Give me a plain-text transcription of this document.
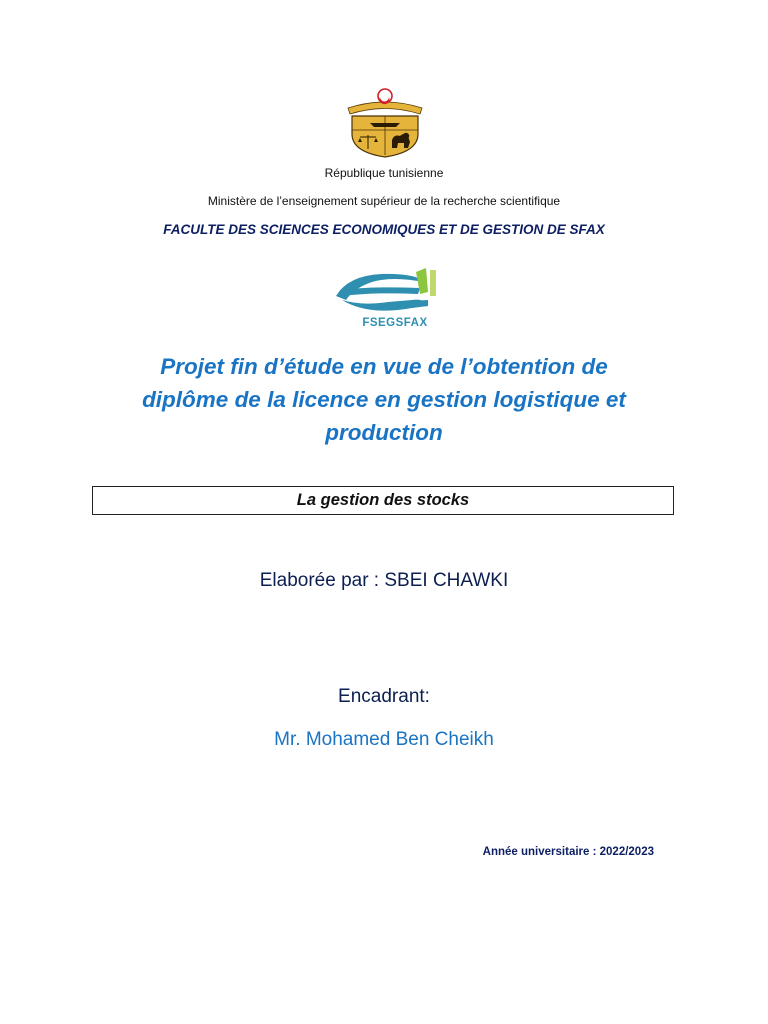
République tunisienne
Ministère de l’enseignement supérieur de la recherche scientifique
FACULTE DES SCIENCES ECONOMIQUES ET DE GESTION DE SFAX
FSEGSFAX
Projet fin d’étude en vue de l’obtention de
diplôme de la licence en gestion logistique et
production
La gestion des stocks
Elaborée par : SBEI CHAWKI
Encadrant:
Mr. Mohamed Ben Cheikh
Année universitaire : 2022/2023
